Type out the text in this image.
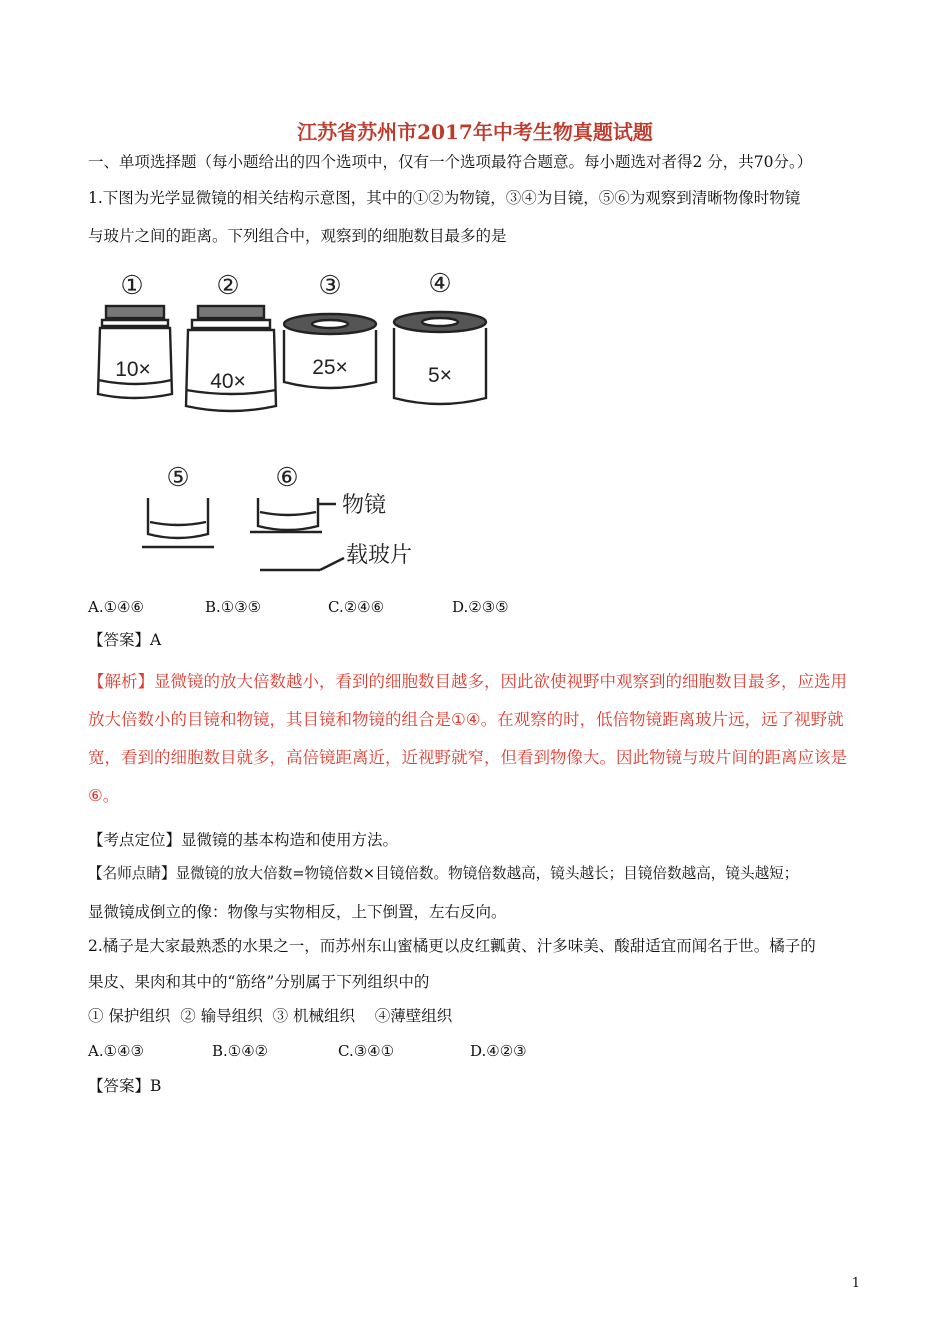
江苏省苏州市2017年中考生物真题试题
一、单项选择题（每小题给出的四个选项中，仅有一个选项最符合题意。每小题选对者得2 分，共70分。）
1.下图为光学显微镜的相关结构示意图，其中的①②为物镜，③④为目镜，⑤⑥为观察到清晰物像时物镜
与玻片之间的距离。下列组合中，观察到的细胞数目最多的是
①	②	③	④
⑤	⑥
10×
40×
25×	5×
物镜
载玻片
A.①④⑥	B.①③⑤	C.②④⑥	D.②③⑤
【答案】A
【解析】显微镜的放大倍数越小，看到的细胞数目越多，因此欲使视野中观察到的细胞数目最多，应选用
放大倍数小的目镜和物镜，其目镜和物镜的组合是①④。在观察的时，低倍物镜距离玻片远，远了视野就
宽，看到的细胞数目就多，高倍镜距离近，近视野就窄，但看到物像大。因此物镜与玻片间的距离应该是
⑥。
【考点定位】显微镜的基本构造和使用方法。
【名师点睛】显微镜的放大倍数=物镜倍数×目镜倍数。物镜倍数越高，镜头越长；目镜倍数越高，镜头越短；
显微镜成倒立的像：物像与实物相反，上下倒置，左右反向。
2.橘子是大家最熟悉的水果之一，而苏州东山蜜橘更以皮红瓤黄、汁多味美、酸甜适宜而闻名于世。橘子的
果皮、果肉和其中的“筋络”分别属于下列组织中的
① 保护组织  ② 输导组织  ③ 机械组织    ④薄壁组织
A.①④③	B.①④②	C.③④①	D.④②③
【答案】B
1
